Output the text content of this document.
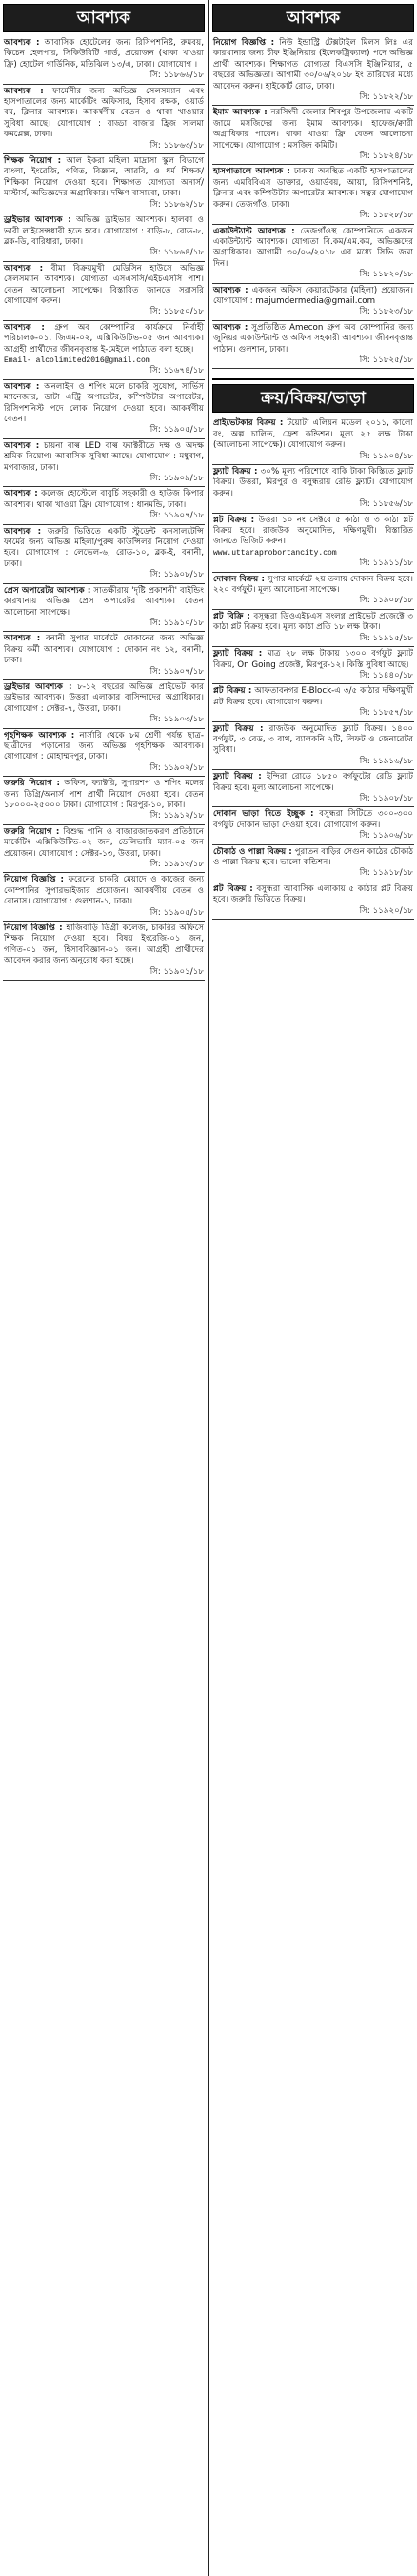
আবশ্যক
আবশ্যক : আবাসিক হোটেলের জন্য রিসিপশনিষ্ট, রুমবয়, কিচেন হেলপার, সিকিউরিটি গার্ড, প্রয়োজন (থাকা খাওয়া ফ্রি) হোটেল গার্ডিনিক, মতিঝিল ১৩/এ, ঢাকা। যোগাযোগ ।
সি: ১১৮৬৬/১৮
আবশ্যক : ফার্মেসীর জন্য অভিজ্ঞ সেলসম্যান এবং হাসপাতালের জন্য মার্কেটিং অফিসার, হিসাব রক্ষক, ওয়ার্ড বয়, ক্লিনার আবশ্যক। আকর্ষণীয় বেতন ও থাকা খাওয়ার সুবিধা আছে। যোগাযোগ : বাড্ডা বাজার হ্রিজ সালমা কমপ্লেক্স, ঢাকা।
সি: ১১৮৬৩/১৮
শিক্ষক নিয়োগ : আল ইকরা মহিলা মাদ্রাসা স্কুল বিভাগে বাংলা, ইংরেজি, গণিত, বিজ্ঞান, আরবি, ও ধর্ম শিক্ষক/শিক্ষিকা নিয়োগ দেওয়া হবে। শিক্ষাগত যোগ্যতা অনার্স/মাস্টার্স, অভিজ্ঞদের অগ্রাধিকার। দক্ষিণ বাসাবো, ঢাকা।
সি: ১১৮৬২/১৮
ড্রাইভার আবশ্যক : অভিজ্ঞ ড্রাইভার আবশ্যক। হালকা ও ভারী লাইসেন্সধারী হতে হবে। যোগাযোগ : বাড়ি-৮, রোড-৮, ব্লক-ডি, বারিধারা, ঢাকা।
সি: ১১৮৬৪/১৮
আবশ্যক : বীমা বিক্রয়মুখী মেডিসিন হাউসে অভিজ্ঞ সেলসম্যান আবশ্যক। যোগ্যতা এসএসসি/এইচএসসি পাশ। বেতন আলোচনা সাপেক্ষে। বিস্তারিত জানতে সরাসরি যোগাযোগ করুন।
সি: ১১৮৫০/১৮
আবশ্যক : গ্রুপ অব কোম্পানির কার্যক্রমে নির্বাহী পরিচালক-০১, জিএম-০২, এক্সিকিউটিভ-০৫ জন আবশ্যক। আগ্রহী প্রার্থীদের জীবনবৃত্তান্ত ই-মেইলে পাঠাতে বলা হচ্ছে।
Email- alcolimited2016@gmail.com
সি: ১১৬৭৪/১৮
আবশ্যক : অনলাইন ও শপিং মলে চাকরি সুযোগ, সার্ভিস ম্যানেজার, ডাটা এন্ট্রি অপারেটর, কম্পিউটার অপারেটর, রিসিপশনিস্ট পদে লোক নিয়োগ দেওয়া হবে। আকর্ষণীয় বেতন।
সি: ১১৯০৫/১৮
আবশ্যক : চায়না বাল্ব LED বাল্ব ফ্যাক্টরীতে দক্ষ ও অদক্ষ শ্রমিক নিয়োগ। আবাসিক সুবিধা আছে। যোগাযোগ : মধুবাগ, মগবাজার, ঢাকা।
সি: ১১৯০৯/১৮
আবশ্যক : কলেজ হোস্টেলে বাবুর্চি সহকারী ও হাউজ কিপার আবশ্যক। থাকা খাওয়া ফ্রি। যোগাযোগ : ধানমন্ডি, ঢাকা।
সি: ১১৯০৭/১৮
আবশ্যক : জরুরি ভিত্তিতে একটি স্টুডেন্ট কনসালটেন্সি ফার্মের জন্য অভিজ্ঞ মহিলা/পুরুষ কাউন্সিলর নিয়োগ দেওয়া হবে। যোগাযোগ : লেভেল-৬, রোড-১০, ব্লক-ই, বনানী, ঢাকা।
সি: ১১৯০৮/১৮
প্রেস অপারেটর আবশ্যক : সাতক্ষীরায় 'দৃষ্টি প্রকাশনী' বাইন্ডিং কারখানায় অভিজ্ঞ প্রেস অপারেটর আবশ্যক। বেতন আলোচনা সাপেক্ষে।
সি: ১১৯১০/১৮
আবশ্যক : বনানী সুপার মার্কেটে দোকানের জন্য অভিজ্ঞ বিক্রয় কর্মী আবশ্যক। যোগাযোগ : দোকান নং ১২, বনানী, ঢাকা।
সি: ১১৯০৭/১৮
ড্রাইভার আবশ্যক : ৮-১২ বছরের অভিজ্ঞ প্রাইভেট কার ড্রাইভার আবশ্যক। উত্তরা এলাকার বাসিন্দাদের অগ্রাধিকার। যোগাযোগ : সেক্টর-৭, উত্তরা, ঢাকা।
সি: ১১৯০৩/১৮
গৃহশিক্ষক আবশ্যক : নার্সারি থেকে ৮ম শ্রেণী পর্যন্ত ছাত্র-ছাত্রীদের পড়ানোর জন্য অভিজ্ঞ গৃহশিক্ষক আবশ্যক। যোগাযোগ : মোহাম্মদপুর, ঢাকা।
সি: ১১৯০২/১৮
জরুরি নিয়োগ : অফিস, ফ্যাক্টরি, সুপারশপ ও শপিং মলের জন্য ডিগ্রি/অনার্স পাশ প্রার্থী নিয়োগ দেওয়া হবে। বেতন ১৮০০০-২৫০০০ টাকা। যোগাযোগ : মিরপুর-১০, ঢাকা।
সি: ১১৯১২/১৮
জরুরি নিয়োগ : বিশুদ্ধ পানি ও বাজারজাতকরণ প্রতিষ্ঠানে মার্কেটিং এক্সিকিউটিভ-০২ জন, ডেলিভারি ম্যান-০৫ জন প্রয়োজন। যোগাযোগ : সেক্টর-১৩, উত্তরা, ঢাকা।
সি: ১১৯১৩/১৮
নিয়োগ বিজ্ঞপ্তি : ফরেনের চাকরি মেয়াদে ও কাজের জন্য কোম্পানির সুপারভাইজার প্রয়োজন। আকর্ষণীয় বেতন ও বোনাস। যোগাযোগ : গুলশান-১, ঢাকা।
সি: ১১৯০৫/১৮
নিয়োগ বিজ্ঞপ্তি : হাজিবাড়ি ডিগ্রী কলেজ, চাকরির অফিসে শিক্ষক নিয়োগ দেওয়া হবে। বিষয় ইংরেজি-০১ জন, গণিত-০১ জন, হিসাববিজ্ঞান-০১ জন। আগ্রহী প্রার্থীদের আবেদন করার জন্য অনুরোধ করা হচ্ছে।
সি: ১১৯০১/১৮
আবশ্যক
নিয়োগ বিজ্ঞপ্তি : নিউ ইন্ডাস্ট্রি টেক্সটাইল মিলস লিঃ এর কারখানার জন্য চীফ ইঞ্জিনিয়ার (ইলেকট্রিক্যাল) পদে অভিজ্ঞ প্রার্থী আবশ্যক। শিক্ষাগত যোগ্যতা বিএসসি ইঞ্জিনিয়ার, ৫ বছরের অভিজ্ঞতা। আগামী ৩০/০৬/২০১৮ ইং তারিখের মধ্যে আবেদন করুন। হাইকোর্ট রোড, ঢাকা।
সি: ১১৮২২/১৮
ইমাম আবশ্যক : নরসিংদী জেলার শিবপুর উপজেলায় একটি জামে মসজিদের জন্য ইমাম আবশ্যক। হাফেজ/ক্বারী অগ্রাধিকার পাবেন। থাকা খাওয়া ফ্রি। বেতন আলোচনা সাপেক্ষে। যোগাযোগ : মসজিদ কমিটি।
সি: ১১৮২৪/১৮
হাসপাতালে আবশ্যক : ঢাকায় অবস্থিত একটি হাসপাতালের জন্য এমবিবিএস ডাক্তার, ওয়ার্ডবয়, আয়া, রিসিপশনিষ্ট, ক্লিনার এবং কম্পিউটার অপারেটর আবশ্যক। সত্বর যোগাযোগ করুন। তেজগাঁও, ঢাকা।
সি: ১১৮২৮/১৮
একাউন্ট্যান্ট আবশ্যক : তেজগাঁওস্থ কোম্পানিতে একজন একাউন্ট্যান্ট আবশ্যক। যোগ্যতা বি.কম/এম.কম, অভিজ্ঞদের অগ্রাধিকার। আগামী ৩০/০৬/২০১৮ এর মধ্যে সিভি জমা দিন।
সি: ১১৮২০/১৮
আবশ্যক : একজন অফিস কেয়ারটেকার (মহিলা) প্রয়োজন। যোগাযোগ : majumdermedia@gmail.com
সি: ১১৮২৩/১৮
আবশ্যক : সুপ্রতিষ্ঠিত Amecon গ্রুপ অব কোম্পানির জন্য জুনিয়র একাউন্ট্যান্ট ও অফিস সহকারী আবশ্যক। জীবনবৃত্তান্ত পাঠান। গুলশান, ঢাকা।
সি: ১১৮২৫/১৮
ক্রয়/বিক্রয়/ভাড়া
প্রাইভেটকার বিক্রয় : টয়োটা এলিয়ন মডেল ২০১১, কালো রং, অল্প চালিত, ফ্রেশ কন্ডিশন। মূল্য ২৫ লক্ষ টাকা (আলোচনা সাপেক্ষে)। যোগাযোগ করুন।
সি: ১১৯০৪/১৮
ফ্ল্যাট বিক্রয় : ৩০% মূল্য পরিশোধে বাকি টাকা কিস্তিতে ফ্ল্যাট বিক্রয়। উত্তরা, মিরপুর ও বসুন্ধরায় রেডি ফ্ল্যাট। যোগাযোগ করুন।
সি: ১১৮৫৬/১৮
প্লট বিক্রয় : উত্তরা ১০ নং সেক্টরে ৫ কাঠা ও ৩ কাঠা প্লট বিক্রয় হবে। রাজউক অনুমোদিত, দক্ষিণমুখী। বিস্তারিত জানতে ভিজিট করুন।
www.uttaraprobortancity.com
সি: ১১৯১১/১৮
দোকান বিক্রয় : সুপার মার্কেটে ২য় তলায় দোকান বিক্রয় হবে। ২২০ বর্গফুট। মূল্য আলোচনা সাপেক্ষে।
সি: ১১৯০৮/১৮
প্লট বিক্রি : বসুন্ধরা ডিওএইচএস সংলগ্ন প্রাইভেট প্রজেক্টে ৩ কাঠা প্লট বিক্রয় হবে। মূল্য কাঠা প্রতি ১৮ লক্ষ টাকা।
সি: ১১৯১৫/১৮
ফ্ল্যাট বিক্রয় : মাত্র ২৮ লক্ষ টাকায় ১৩০০ বর্গফুট ফ্ল্যাট বিক্রয়, On Going প্রজেক্ট, মিরপুর-১২। কিস্তি সুবিধা আছে।
সি: ১১৪৪০/১৮
প্লট বিক্রয় : আফতাবনগর E-Block-এ ৩/৫ কাঠার দক্ষিণমুখী প্লট বিক্রয় হবে। যোগাযোগ করুন।
সি: ১১৮৫৭/১৮
ফ্ল্যাট বিক্রয় : রাজউক অনুমোদিত ফ্ল্যাট বিক্রয়। ১৪০০ বর্গফুট, ৩ বেড, ৩ বাথ, ব্যালকনি ২টি, লিফট ও জেনারেটর সুবিধা।
সি: ১১৯১৬/১৮
ফ্ল্যাট বিক্রয় : ইন্দিরা রোডে ১৮৫০ বর্গফুটের রেডি ফ্ল্যাট বিক্রয় হবে। মূল্য আলোচনা সাপেক্ষে।
সি: ১১৯০৮/১৮
দোকান ভাড়া দিতে ইচ্ছুক : বসুন্ধরা সিটিতে ৩০০-৩০০ বর্গফুট দোকান ভাড়া দেওয়া হবে। যোগাযোগ করুন।
সি: ১১৯০৬/১৮
চৌকাঠ ও পাল্লা বিক্রয় : পুরাতন বাড়ির সেগুন কাঠের চৌকাঠ ও পাল্লা বিক্রয় হবে। ভালো কন্ডিশন।
সি: ১১৯১৮/১৮
প্লট বিক্রয় : বসুন্ধরা আবাসিক এলাকায় ৫ কাঠার প্লট বিক্রয় হবে। জরুরি ভিত্তিতে বিক্রয়।
সি: ১১৯২০/১৮
